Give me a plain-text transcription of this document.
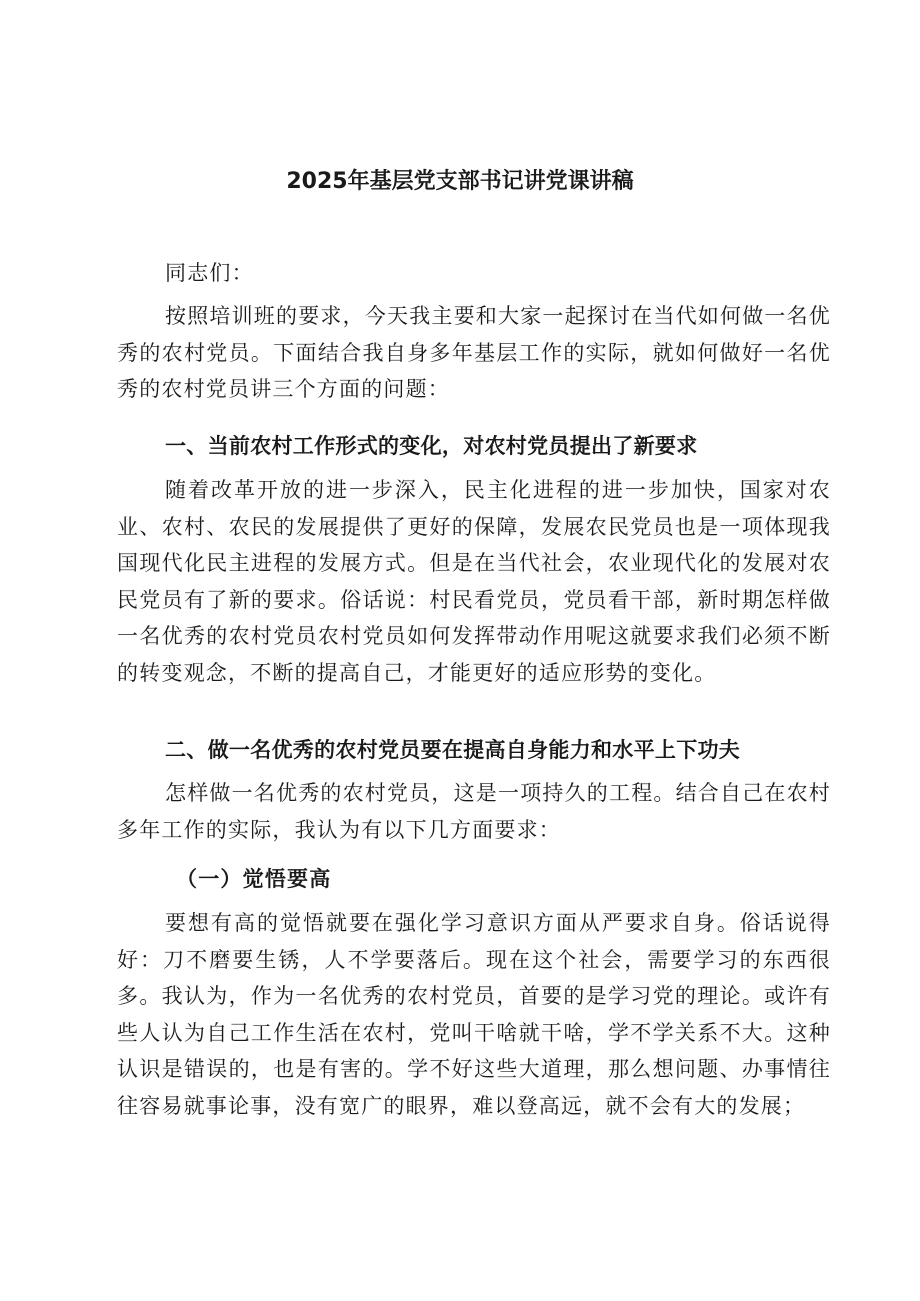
2025年基层党支部书记讲党课讲稿

同志们：

按照培训班的要求，今天我主要和大家一起探讨在当代如何做一名优秀的农村党员。下面结合我自身多年基层工作的实际，就如何做好一名优秀的农村党员讲三个方面的问题：

一、当前农村工作形式的变化，对农村党员提出了新要求

随着改革开放的进一步深入，民主化进程的进一步加快，国家对农业、农村、农民的发展提供了更好的保障，发展农民党员也是一项体现我国现代化民主进程的发展方式。但是在当代社会，农业现代化的发展对农民党员有了新的要求。俗话说：村民看党员，党员看干部，新时期怎样做一名优秀的农村党员农村党员如何发挥带动作用呢这就要求我们必须不断的转变观念，不断的提高自己，才能更好的适应形势的变化。

二、做一名优秀的农村党员要在提高自身能力和水平上下功夫

怎样做一名优秀的农村党员，这是一项持久的工程。结合自己在农村多年工作的实际，我认为有以下几方面要求：

（一）觉悟要高

要想有高的觉悟就要在强化学习意识方面从严要求自身。俗话说得好：刀不磨要生锈，人不学要落后。现在这个社会，需要学习的东西很多。我认为，作为一名优秀的农村党员，首要的是学习党的理论。或许有些人认为自己工作生活在农村，党叫干啥就干啥，学不学关系不大。这种认识是错误的，也是有害的。学不好这些大道理，那么想问题、办事情往往容易就事论事，没有宽广的眼界，难以登高远，就不会有大的发展；
